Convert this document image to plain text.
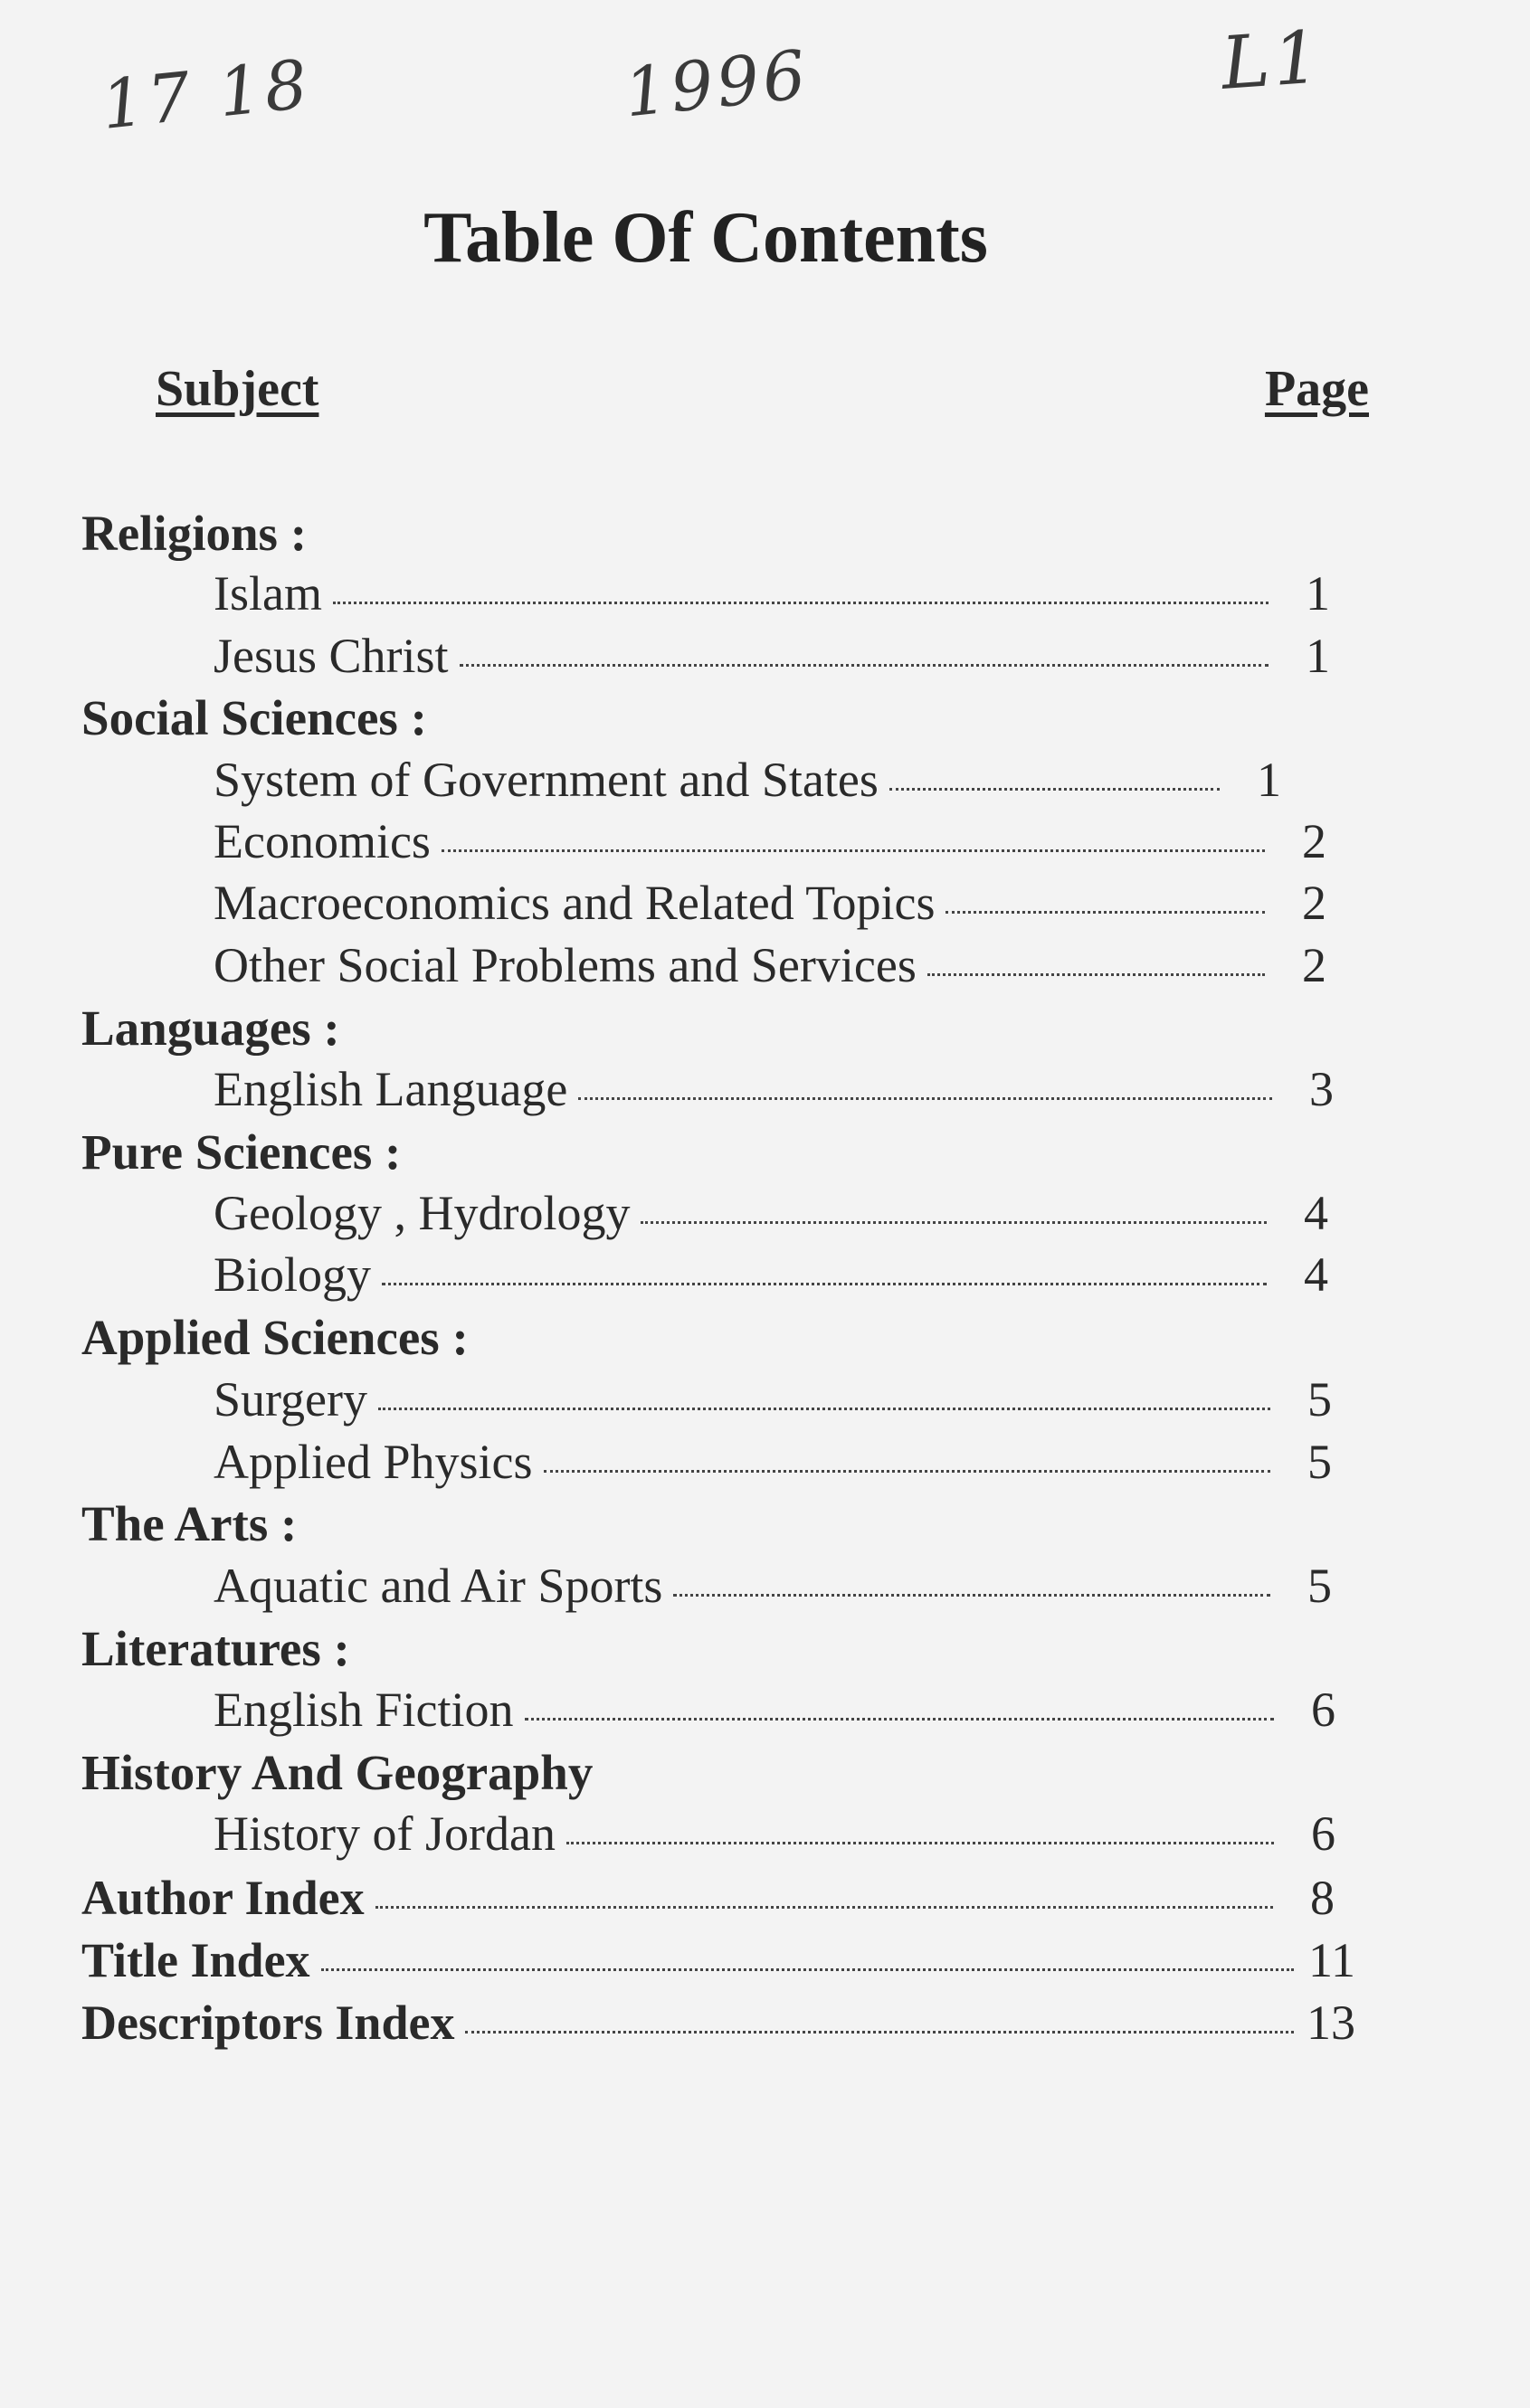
17 18	1996	L1
Table Of Contents
Subject	Page
Religions :
Islam	1
Jesus Christ	1
Social Sciences :
System of Government and States	1
Economics	2
Macroeconomics and Related Topics	2
Other Social Problems and Services	2
Languages :
English Language	3
Pure Sciences :
Geology , Hydrology	4
Biology	4
Applied Sciences :
Surgery	5
Applied Physics	5
The Arts :
Aquatic and Air Sports	5
Literatures :
English Fiction	6
History And Geography
History of Jordan	6
Author Index	8
Title Index	11
Descriptors Index	13
